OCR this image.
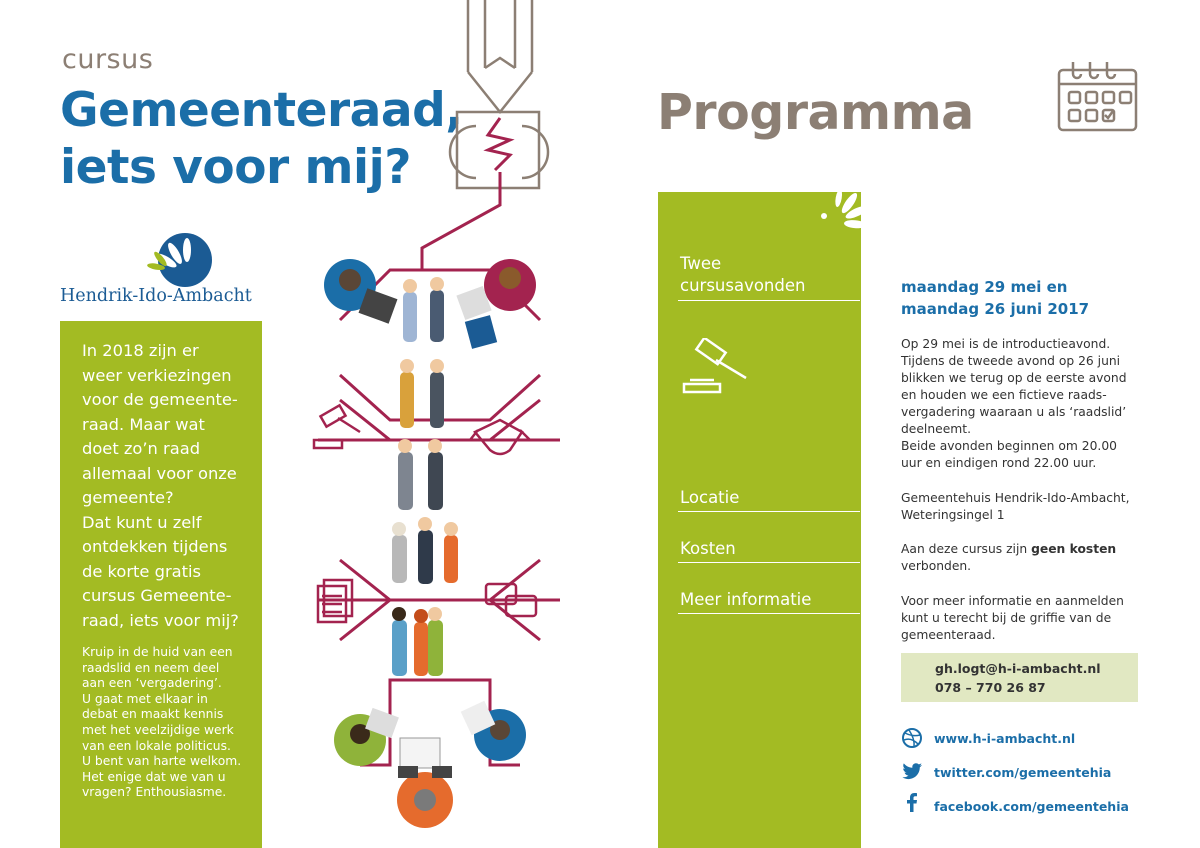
cursus
Gemeenteraad,
iets voor mij?
Hendrik-Ido-Ambacht
In 2018 zijn er
weer verkiezingen
voor de gemeente-
raad. Maar wat
doet zo’n raad
allemaal voor onze
gemeente?
Dat kunt u zelf
ontdekken tijdens
de korte gratis
cursus Gemeente-
raad, iets voor mij?
Kruip in de huid van een
raadslid en neem deel
aan een ‘vergadering’.
U gaat met elkaar in
debat en maakt kennis
met het veelzijdige werk
van een lokale politicus.
U bent van harte welkom.
Het enige dat we van u
vragen? Enthousiasme.
Programma
Twee
cursusavonden
Locatie
Kosten
Meer informatie
maandag 29 mei en
maandag 26 juni 2017
Op 29 mei is de introductieavond.
Tijdens de tweede avond op 26 juni
blikken we terug op de eerste avond
en houden we een fictieve raads-
vergadering waaraan u als ‘raadslid’
deelneemt.
Beide avonden beginnen om 20.00
uur en eindigen rond 22.00 uur.
Gemeentehuis Hendrik-Ido-Ambacht,
Weteringsingel 1
Aan deze cursus zijn geen kosten
verbonden.
Voor meer informatie en aanmelden
kunt u terecht bij de griffie van de
gemeenteraad.
gh.logt@h-i-ambacht.nl
078 – 770 26 87
www.h-i-ambacht.nl
twitter.com/gemeentehia
facebook.com/gemeentehia
